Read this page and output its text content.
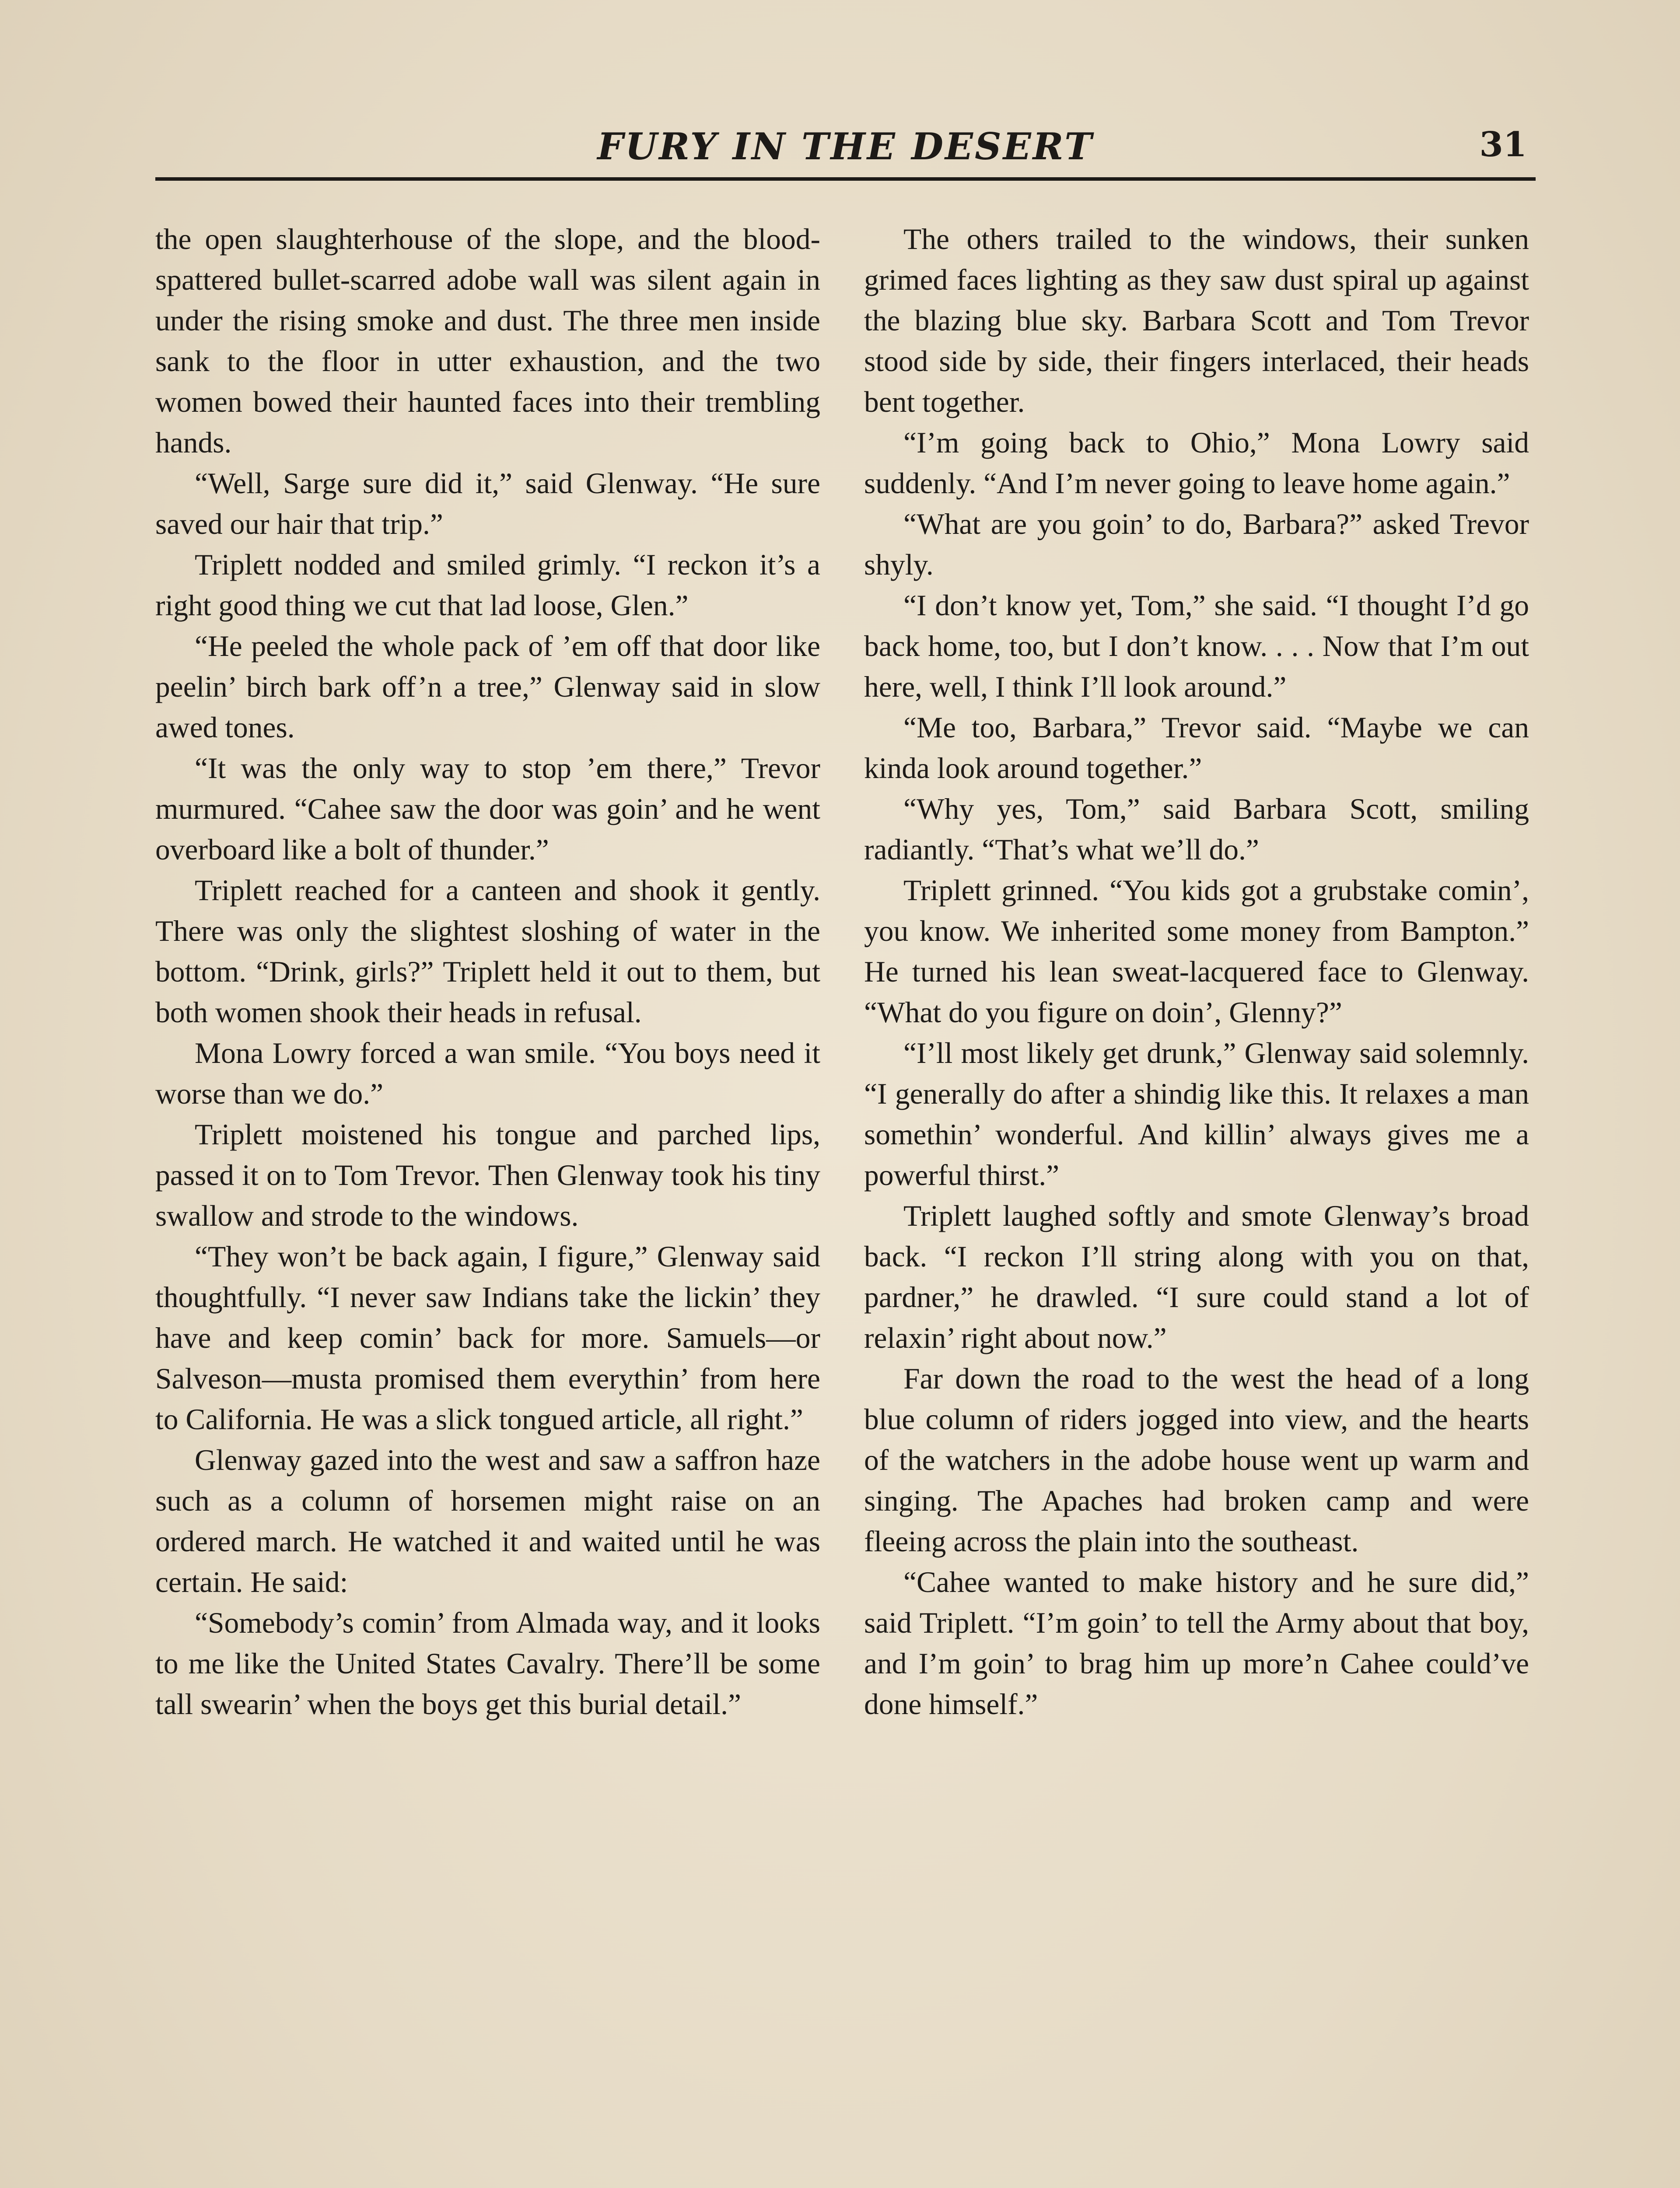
FURY IN THE DESERT	31

the open slaughterhouse of the slope, and the blood-spattered bullet-scarred adobe wall was silent again in under the rising smoke and dust. The three men inside sank to the floor in utter exhaustion, and the two women bowed their haunted faces into their trembling hands.

“Well, Sarge sure did it,” said Glenway. “He sure saved our hair that trip.”

Triplett nodded and smiled grimly. “I reckon it’s a right good thing we cut that lad loose, Glen.”

“He peeled the whole pack of ’em off that door like peelin’ birch bark off’n a tree,” Glenway said in slow awed tones.

“It was the only way to stop ’em there,” Trevor murmured. “Cahee saw the door was goin’ and he went overboard like a bolt of thunder.”

Triplett reached for a canteen and shook it gently. There was only the slightest sloshing of water in the bottom. “Drink, girls?” Triplett held it out to them, but both women shook their heads in refusal.

Mona Lowry forced a wan smile. “You boys need it worse than we do.”

Triplett moistened his tongue and parched lips, passed it on to Tom Trevor. Then Glenway took his tiny swallow and strode to the windows.

“They won’t be back again, I figure,” Glenway said thoughtfully. “I never saw Indians take the lickin’ they have and keep comin’ back for more. Samuels—or Salveson—musta promised them everythin’ from here to California. He was a slick tongued article, all right.”

Glenway gazed into the west and saw a saffron haze such as a column of horsemen might raise on an ordered march. He watched it and waited until he was certain. He said:

“Somebody’s comin’ from Almada way, and it looks to me like the United States Cavalry. There’ll be some tall swearin’ when the boys get this burial detail.”

The others trailed to the windows, their sunken grimed faces lighting as they saw dust spiral up against the blazing blue sky. Barbara Scott and Tom Trevor stood side by side, their fingers interlaced, their heads bent together.

“I’m going back to Ohio,” Mona Lowry said suddenly. “And I’m never going to leave home again.”

“What are you goin’ to do, Barbara?” asked Trevor shyly.

“I don’t know yet, Tom,” she said. “I thought I’d go back home, too, but I don’t know. . . . Now that I’m out here, well, I think I’ll look around.”

“Me too, Barbara,” Trevor said. “Maybe we can kinda look around together.”

“Why yes, Tom,” said Barbara Scott, smiling radiantly. “That’s what we’ll do.”

Triplett grinned. “You kids got a grubstake comin’, you know. We inherited some money from Bampton.” He turned his lean sweat-lacquered face to Glenway. “What do you figure on doin’, Glenny?”

“I’ll most likely get drunk,” Glenway said solemnly. “I generally do after a shindig like this. It relaxes a man somethin’ wonderful. And killin’ always gives me a powerful thirst.”

Triplett laughed softly and smote Glenway’s broad back. “I reckon I’ll string along with you on that, pardner,” he drawled. “I sure could stand a lot of relaxin’ right about now.”

Far down the road to the west the head of a long blue column of riders jogged into view, and the hearts of the watchers in the adobe house went up warm and singing. The Apaches had broken camp and were fleeing across the plain into the southeast.

“Cahee wanted to make history and he sure did,” said Triplett. “I’m goin’ to tell the Army about that boy, and I’m goin’ to brag him up more’n Cahee could’ve done himself.”
